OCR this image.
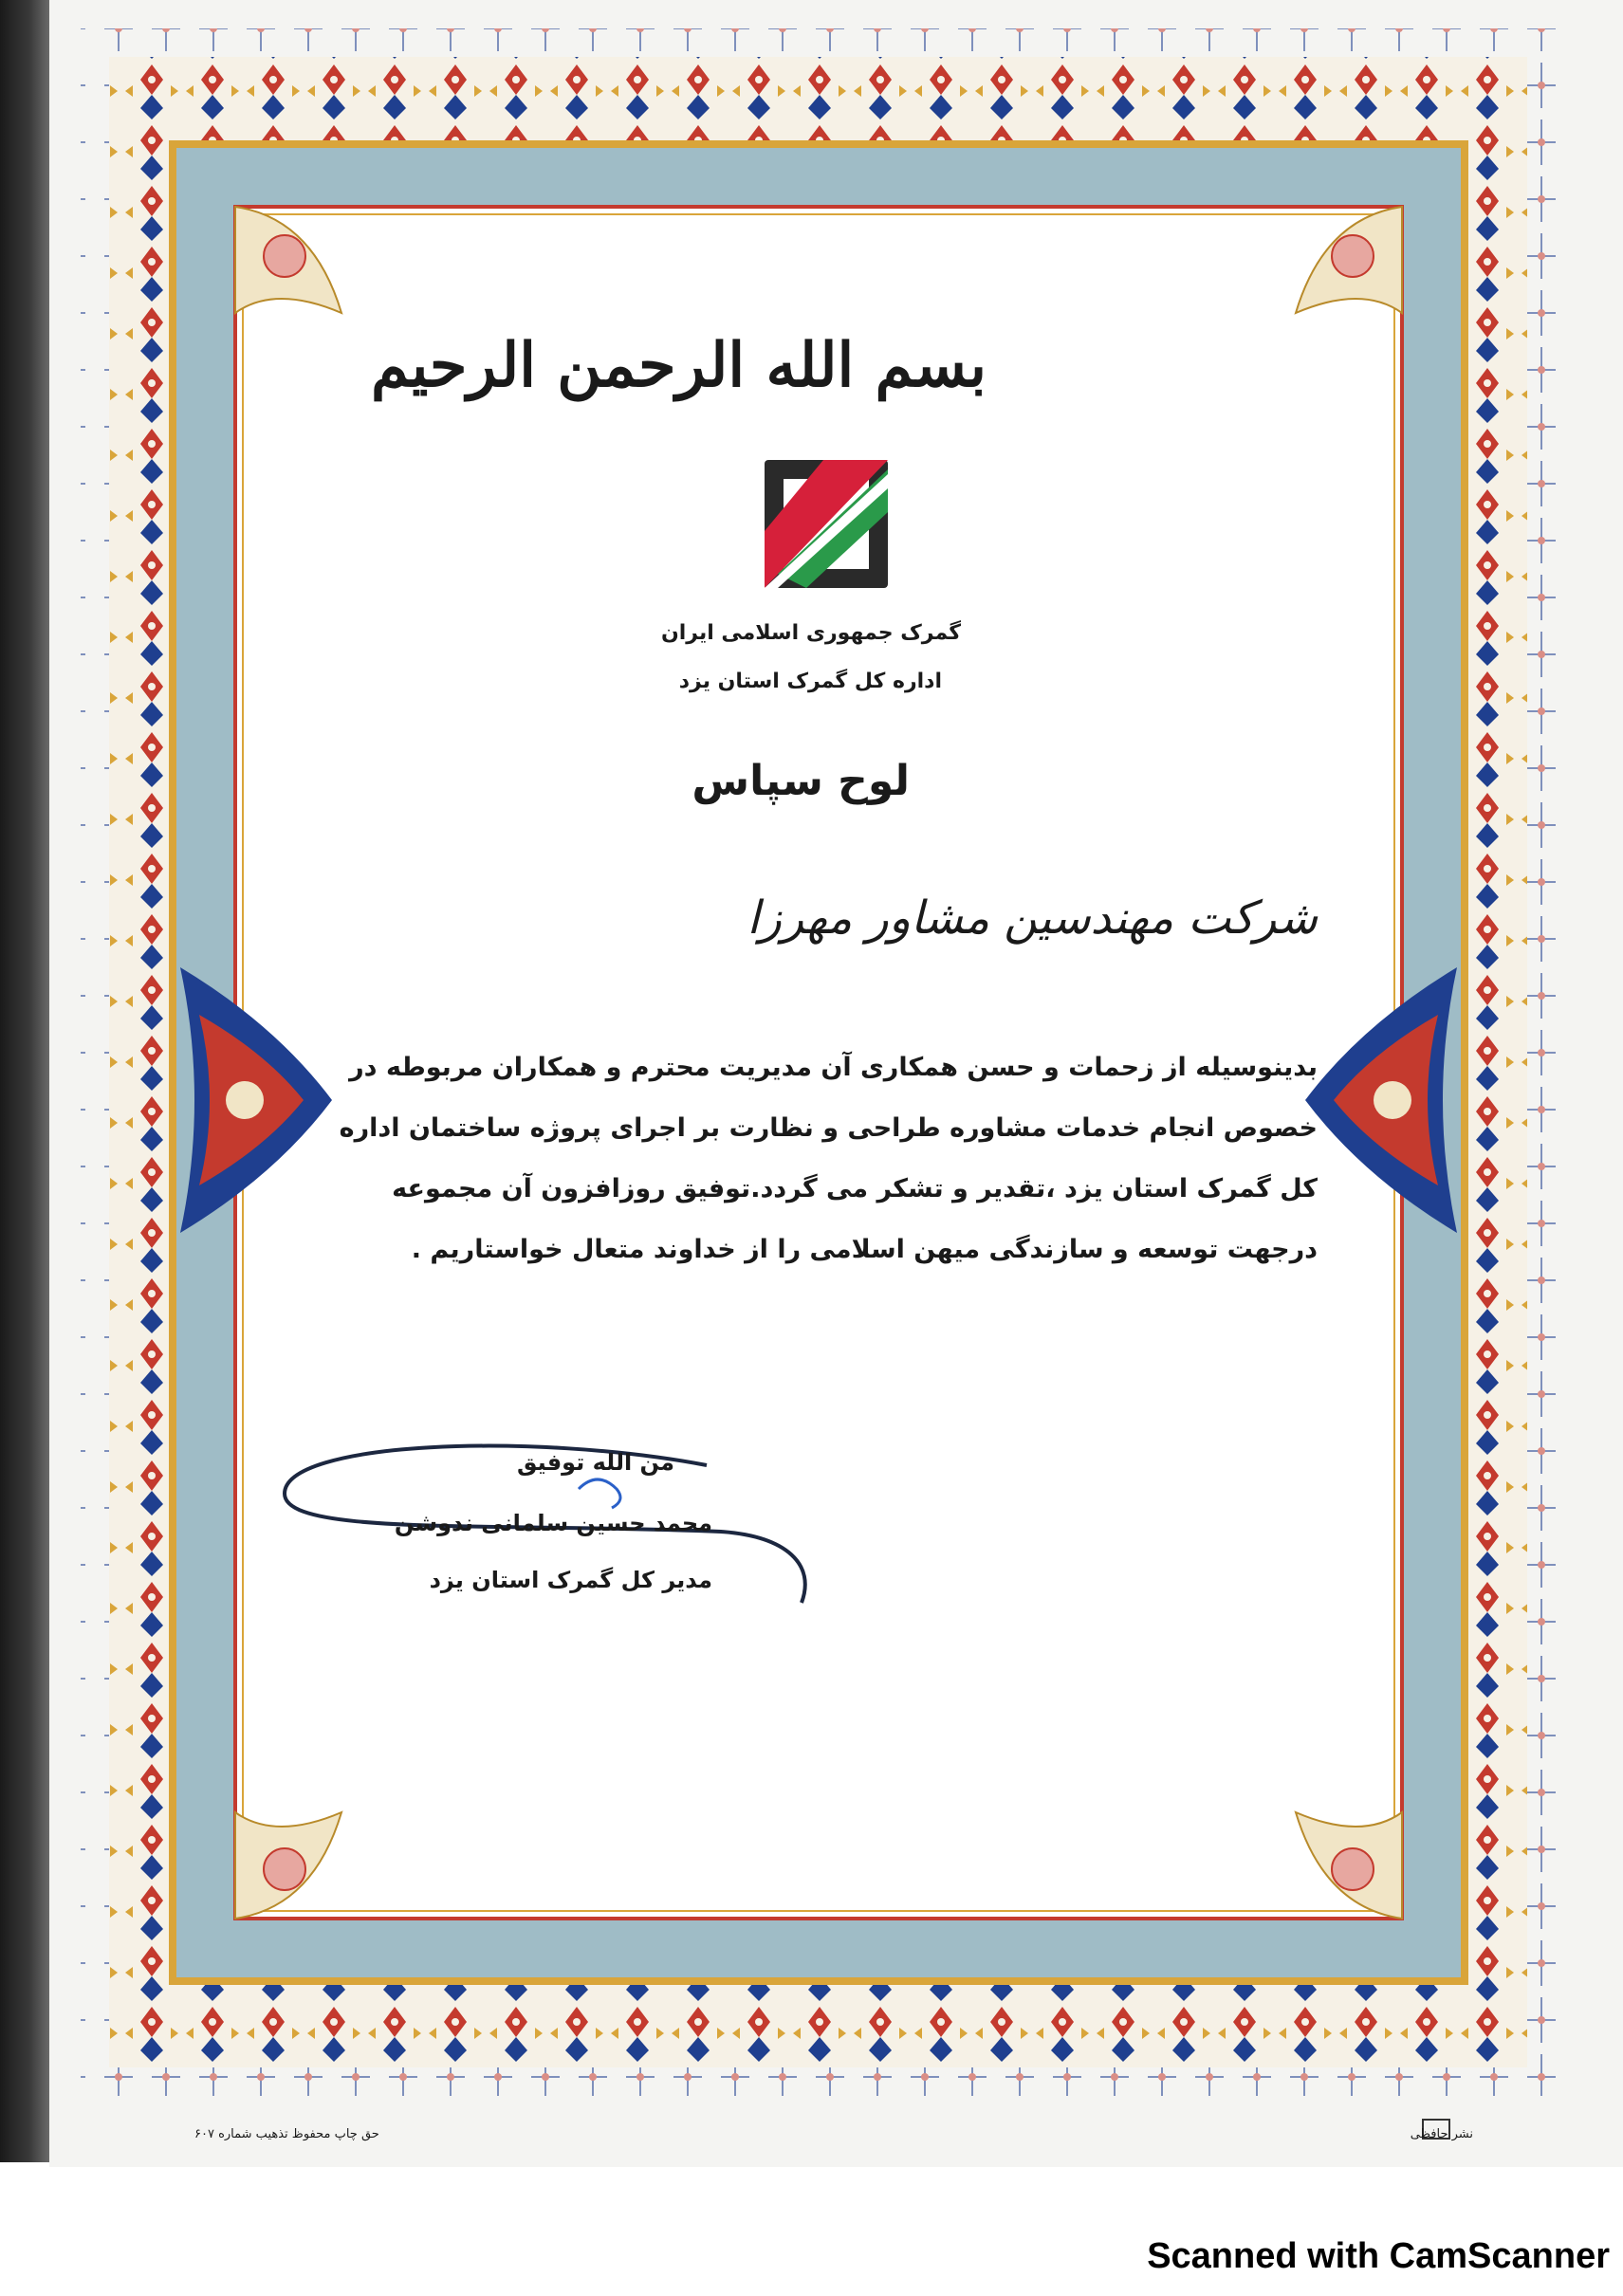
بسم الله الرحمن الرحیم
گمرک جمهوری اسلامی ایران
اداره کل گمرک استان یزد
لوح سپاس
شرکت مهندسین مشاور مهرزا
بدینوسیله از زحمات و حسن همکاری آن مدیریت محترم و همکاران مربوطه در
خصوص انجام خدمات مشاوره طراحی و نظارت بر اجرای پروژه ساختمان اداره
کل گمرک استان یزد ،تقدیر و تشکر می گردد.توفیق روزافزون آن مجموعه
درجهت توسعه و سازندگی میهن اسلامی را از خداوند متعال خواستاریم .
من الله توفیق
محمد حسین سلمانی ندوشن
مدیر کل گمرک استان یزد
حق چاپ محفوظ تذهیب شماره ۶۰۷	نشر حافظی
Scanned with CamScanner
